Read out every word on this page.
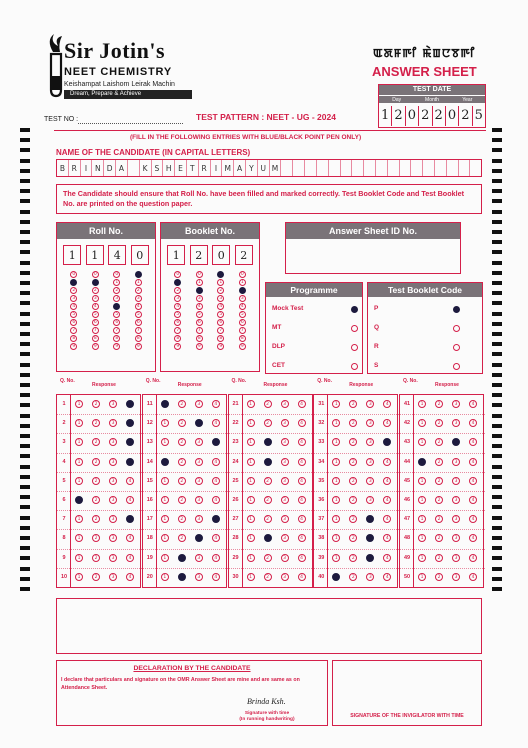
Sir Jotin's
NEET CHEMISTRY
Keishampat Laishom Leirak Machin
Dream, Prepare & Achieve
ꯑꯗꯝꯒꯤ ꯃꯥꯡꯅꯕꯒꯤ
ANSWER SHEET
TEST DATE
Day	Month	Year
1 2 0 2 2 0 2 5
TEST NO :	TEST PATTERN : NEET - UG - 2024
(FILL IN THE FOLLOWING ENTRIES WITH BLUE/BLACK POINT PEN ONLY)
NAME OF THE CANDIDATE (IN CAPITAL LETTERS)
B R	I	N D A	K S H E T R	I M A Y U M
The Candidate should ensure that Roll No. have been filled and marked correctly. Test Booklet Code and Test Booklet No. are printed on the question paper.
Roll No.
1	1	4	0
0
1
2
3
4
5
6
7
8
9
0
1
2
3
4
5
6
7
8
9
0
1
2
3
4
5
6
7
8
9
0
1
2
3
4
5
6
7
8
9
Booklet No.
1	2	0	2
0
1
2
3
4
5
6
7
8
9
0
1
2
3
4
5
6
7
8
9
0
1
2
3
4
5
6
7
8
9
0
1
2
3
4
5
6
7
8
9
Answer Sheet ID No.
Programme
Mock Test
MT
DLP
CET
Test Booklet Code
P
Q
R
S
Q. No.
Response
1	1	2	3	4
2	1	2	3	4
3	1	2	3	4
4	1	2	3	4
5	1	2	3	4
6	1	2	3	4
7	1	2	3	4
8	1	2	3	4
9	1	2	3	4
10	1	2	3	4
Q. No.
Response
11	1	2	3	4
12	1	2	3	4
13	1	2	3	4
14	1	2	3	4
15	1	2	3	4
16	1	2	3	4
17	1	2	3	4
18	1	2	3	4
19	1	2	3	4
20	1	2	3	4
Q. No.
Response
21	1	2	3	4
22	1	2	3	4
23	1	2	3	4
24	1	2	3	4
25	1	2	3	4
26	1	2	3	4
27	1	2	3	4
28	1	2	3	4
29	1	2	3	4
30	1	2	3	4
Q. No.
Response
31	1	2	3	4
32	1	2	3	4
33	1	2	3	4
34	1	2	3	4
35	1	2	3	4
36	1	2	3	4
37	1	2	3	4
38	1	2	3	4
39	1	2	3	4
40	1	2	3	4
Q. No.
Response
41	1	2	3	4
42	1	2	3	4
43	1	2	3	4
44	1	2	3	4
45	1	2	3	4
46	1	2	3	4
47	1	2	3	4
48	1	2	3	4
49	1	2	3	4
50	1	2	3	4
DECLARATION BY THE CANDIDATE
I declare that particulars and signature on the OMR Answer Sheet are mine and are same as on Attendance Sheet.
Brinda Ksh.
Signature with time
(In running handwriting)
SIGNATURE OF THE INVIGILATOR WITH TIME
